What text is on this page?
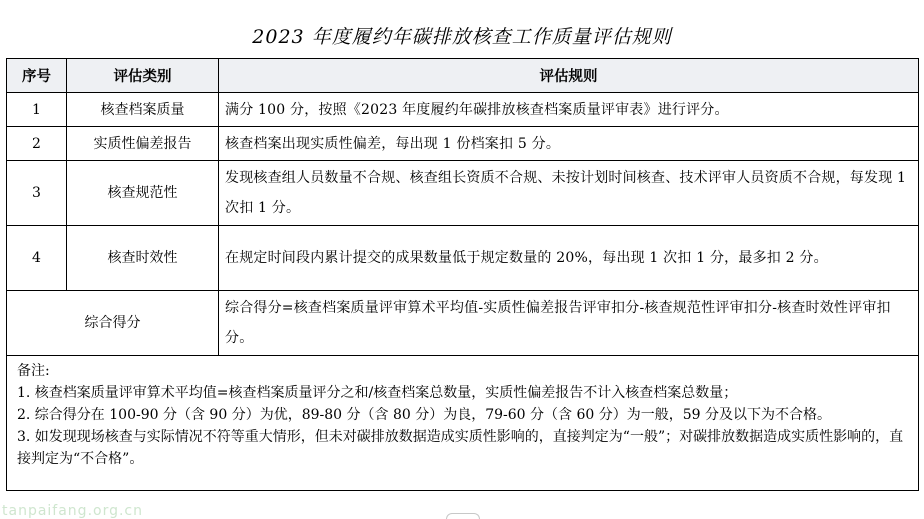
2023 年度履约年碳排放核查工作质量评估规则
序号	评估类别	评估规则
1	核查档案质量	满分 100 分，按照《2023 年度履约年碳排放核查档案质量评审表》进行评分。
2	实质性偏差报告	核查档案出现实质性偏差，每出现 1 份档案扣 5 分。
3	核查规范性	发现核查组人员数量不合规、核查组长资质不合规、未按计划时间核查、技术评审人员资质不合规，每发现 1 次扣 1 分。
4	核查时效性	在规定时间段内累计提交的成果数量低于规定数量的 20%，每出现 1 次扣 1 分，最多扣 2 分。
综合得分		综合得分=核查档案质量评审算术平均值-实质性偏差报告评审扣分-核查规范性评审扣分-核查时效性评审扣分。

备注:
1. 核查档案质量评审算术平均值=核查档案质量评分之和/核查档案总数量，实质性偏差报告不计入核查档案总数量；
2. 综合得分在 100-90 分（含 90 分）为优，89-80 分（含 80 分）为良，79-60 分（含 60 分）为一般，59 分及以下为不合格。
3. 如发现现场核查与实际情况不符等重大情形，但未对碳排放数据造成实质性影响的，直接判定为“一般”；对碳排放数据造成实质性影响的，直接判定为“不合格”。		
tanpaifang.org.cn
